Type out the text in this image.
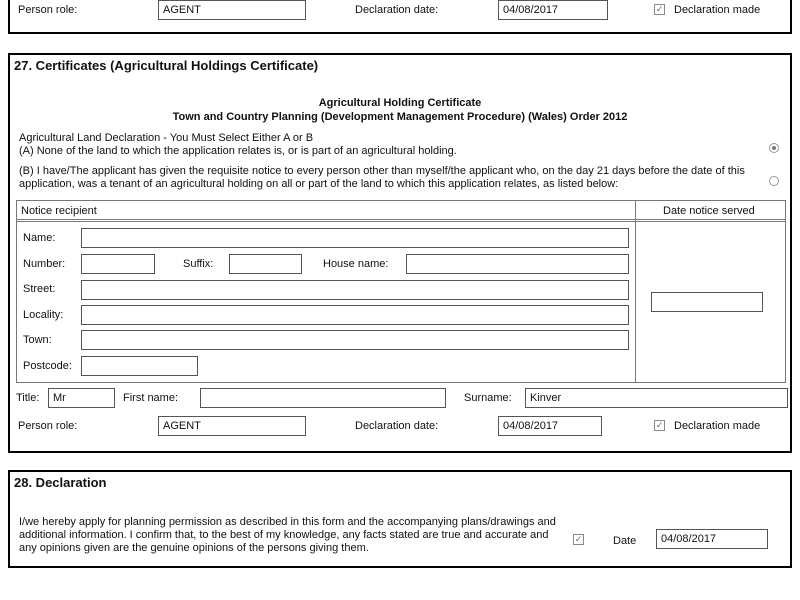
Person role:	AGENT	Declaration date:	04/08/2017	✓ Declaration made
27. Certificates (Agricultural Holdings Certificate)
Agricultural Holding Certificate
Town and Country Planning (Development Management Procedure) (Wales) Order 2012
Agricultural Land Declaration - You Must Select Either A or B
(A) None of the land to which the application relates is, or is part of an agricultural holding.
(B) I have/The applicant has given the requisite notice to every person other than myself/the applicant who, on the day 21 days before the date of this
application, was a tenant of an agricultural holding on all or part of the land to which this application relates, as listed below:
Notice recipient	Date notice served
Name:
Number:	Suffix:	House name:
Street:
Locality:
Town:
Postcode:
Title:	Mr	First name:	Surname:	Kinver
Person role:	AGENT	Declaration date:	04/08/2017	✓ Declaration made
28. Declaration
I/we hereby apply for planning permission as described in this form and the accompanying plans/drawings and
additional information. I confirm that, to the best of my knowledge, any facts stated are true and accurate and
any opinions given are the genuine opinions of the persons giving them.
✓	Date	04/08/2017
